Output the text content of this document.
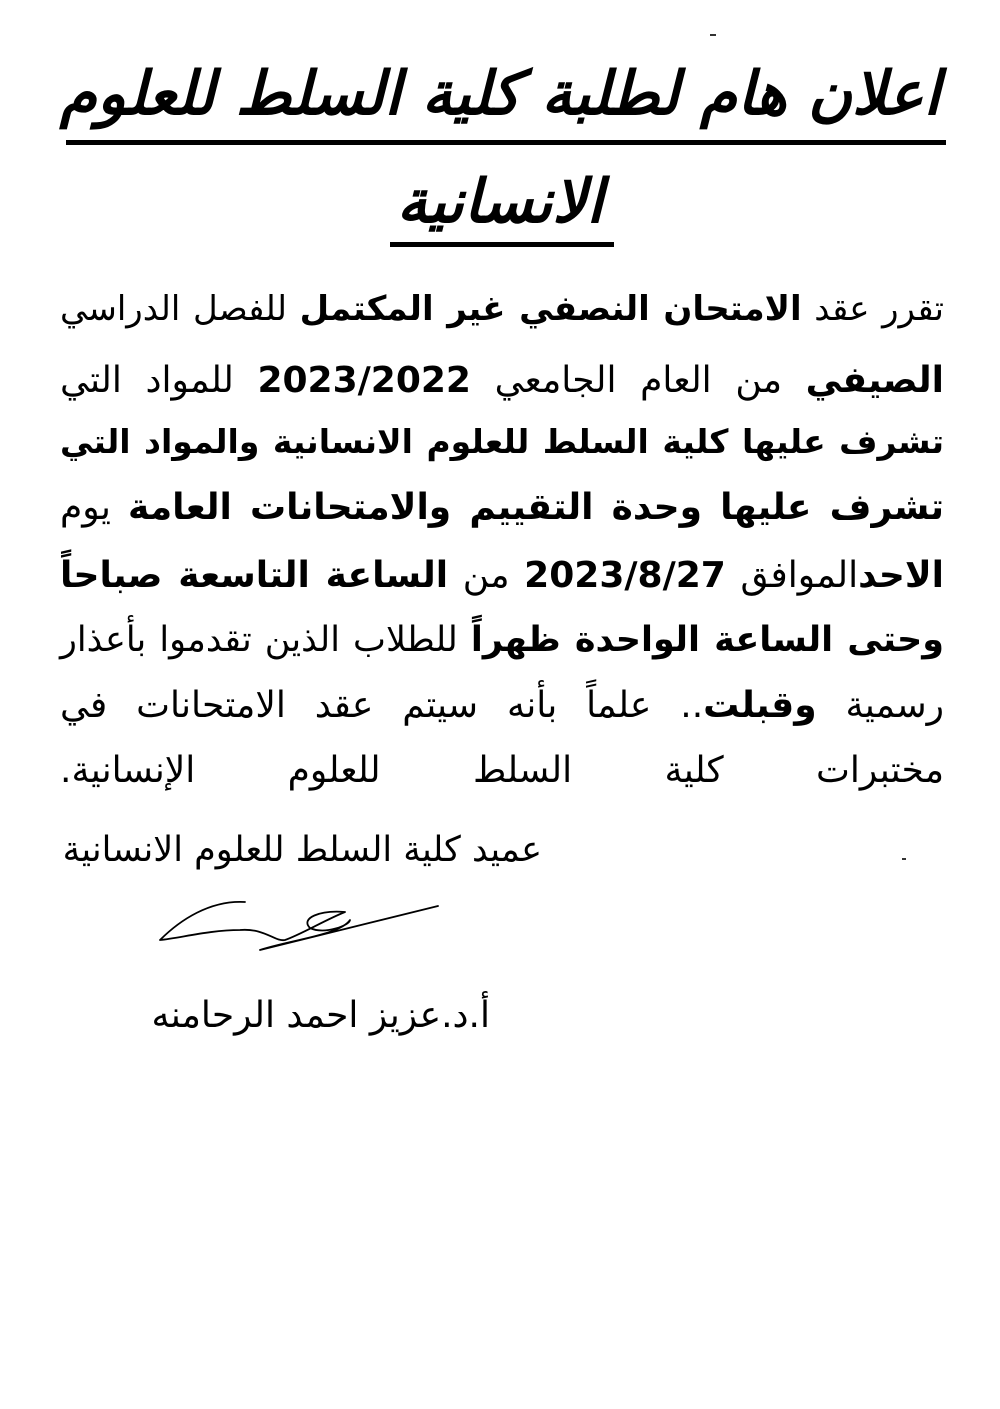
اعلان هام لطلبة كلية السلط للعلوم
الانسانية
تقرر عقد الامتحان النصفي غير المكتمل للفصل الدراسي
الصيفي من العام الجامعي 2023/2022 للمواد التي
تشرف عليها كلية السلط للعلوم الانسانية والمواد التي
تشرف عليها وحدة التقييم والامتحانات العامة يوم
الاحدالموافق 2023/8/27 من الساعة التاسعة صباحاً
وحتى الساعة الواحدة ظهراً للطلاب الذين تقدموا بأعذار
رسمية وقبلت.. علماً بأنه سيتم عقد الامتحانات في
مختبرات كلية السلط للعلوم الإنسانية.
عميد كلية السلط للعلوم الانسانية
أ.د.عزيز احمد الرحامنه
